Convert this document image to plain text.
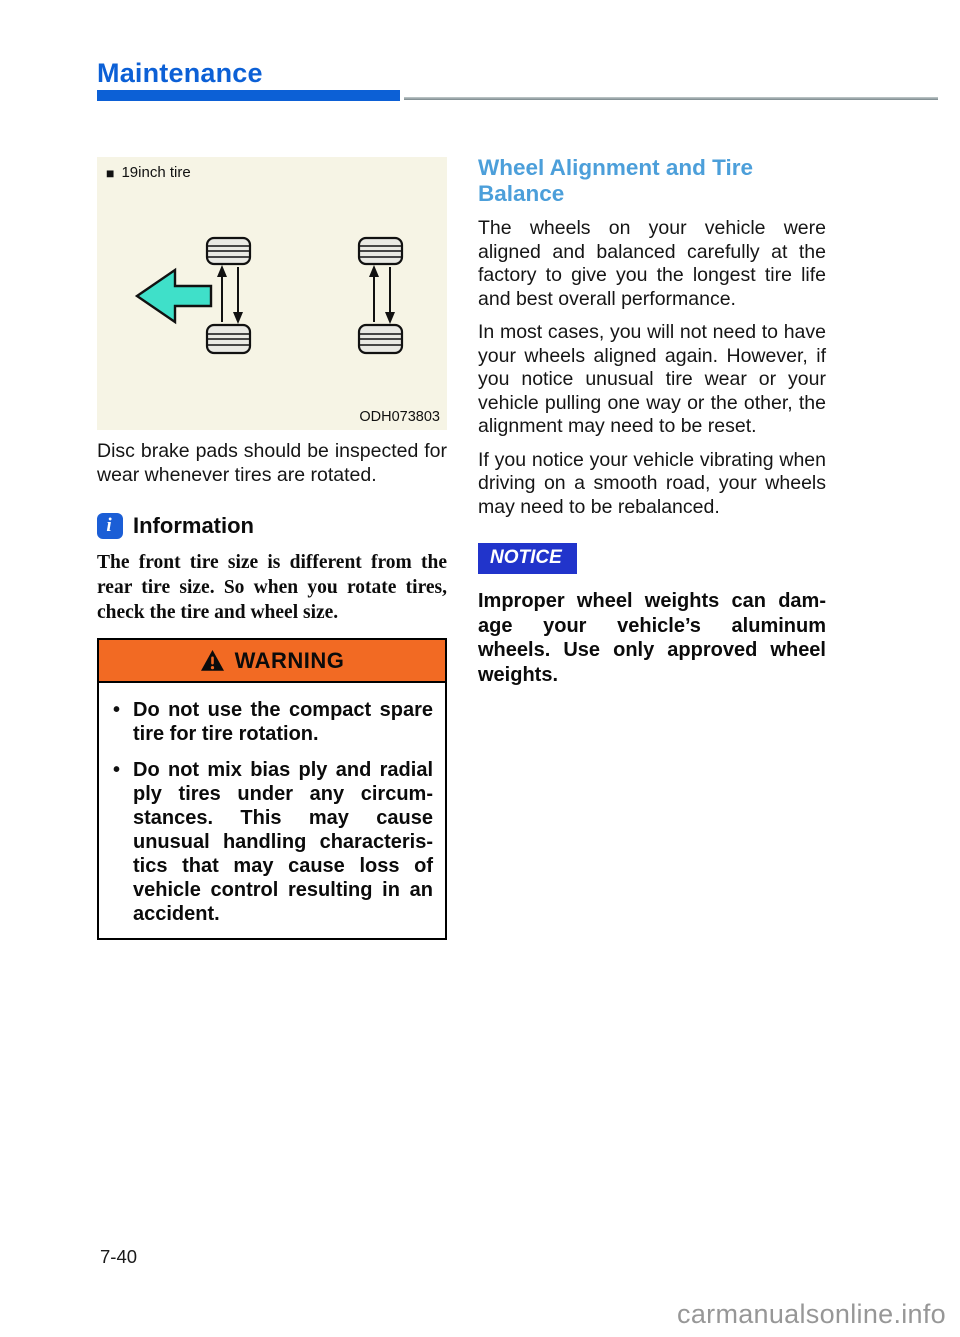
Maintenance
■ 19inch tire
ODH073803

Disc brake pads should be inspected for wear whenever tires are rotated.

i Information

The front tire size is different from the rear tire size. So when you rotate tires, check the tire and wheel size.

WARNING
• Do not use the compact spare tire for tire rotation.
• Do not mix bias ply and radial ply tires under any circumstances. This may cause unusual handling characteristics that may cause loss of vehicle control resulting in an accident.
Wheel Alignment and Tire Balance

The wheels on your vehicle were aligned and balanced carefully at the factory to give you the longest tire life and best overall performance.

In most cases, you will not need to have your wheels aligned again. However, if you notice unusual tire wear or your vehicle pulling one way or the other, the alignment may need to be reset.

If you notice your vehicle vibrating when driving on a smooth road, your wheels may need to be rebalanced.

NOTICE

Improper wheel weights can damage your vehicle’s aluminum wheels. Use only approved wheel weights.

7-40
carmanualsonline.info
